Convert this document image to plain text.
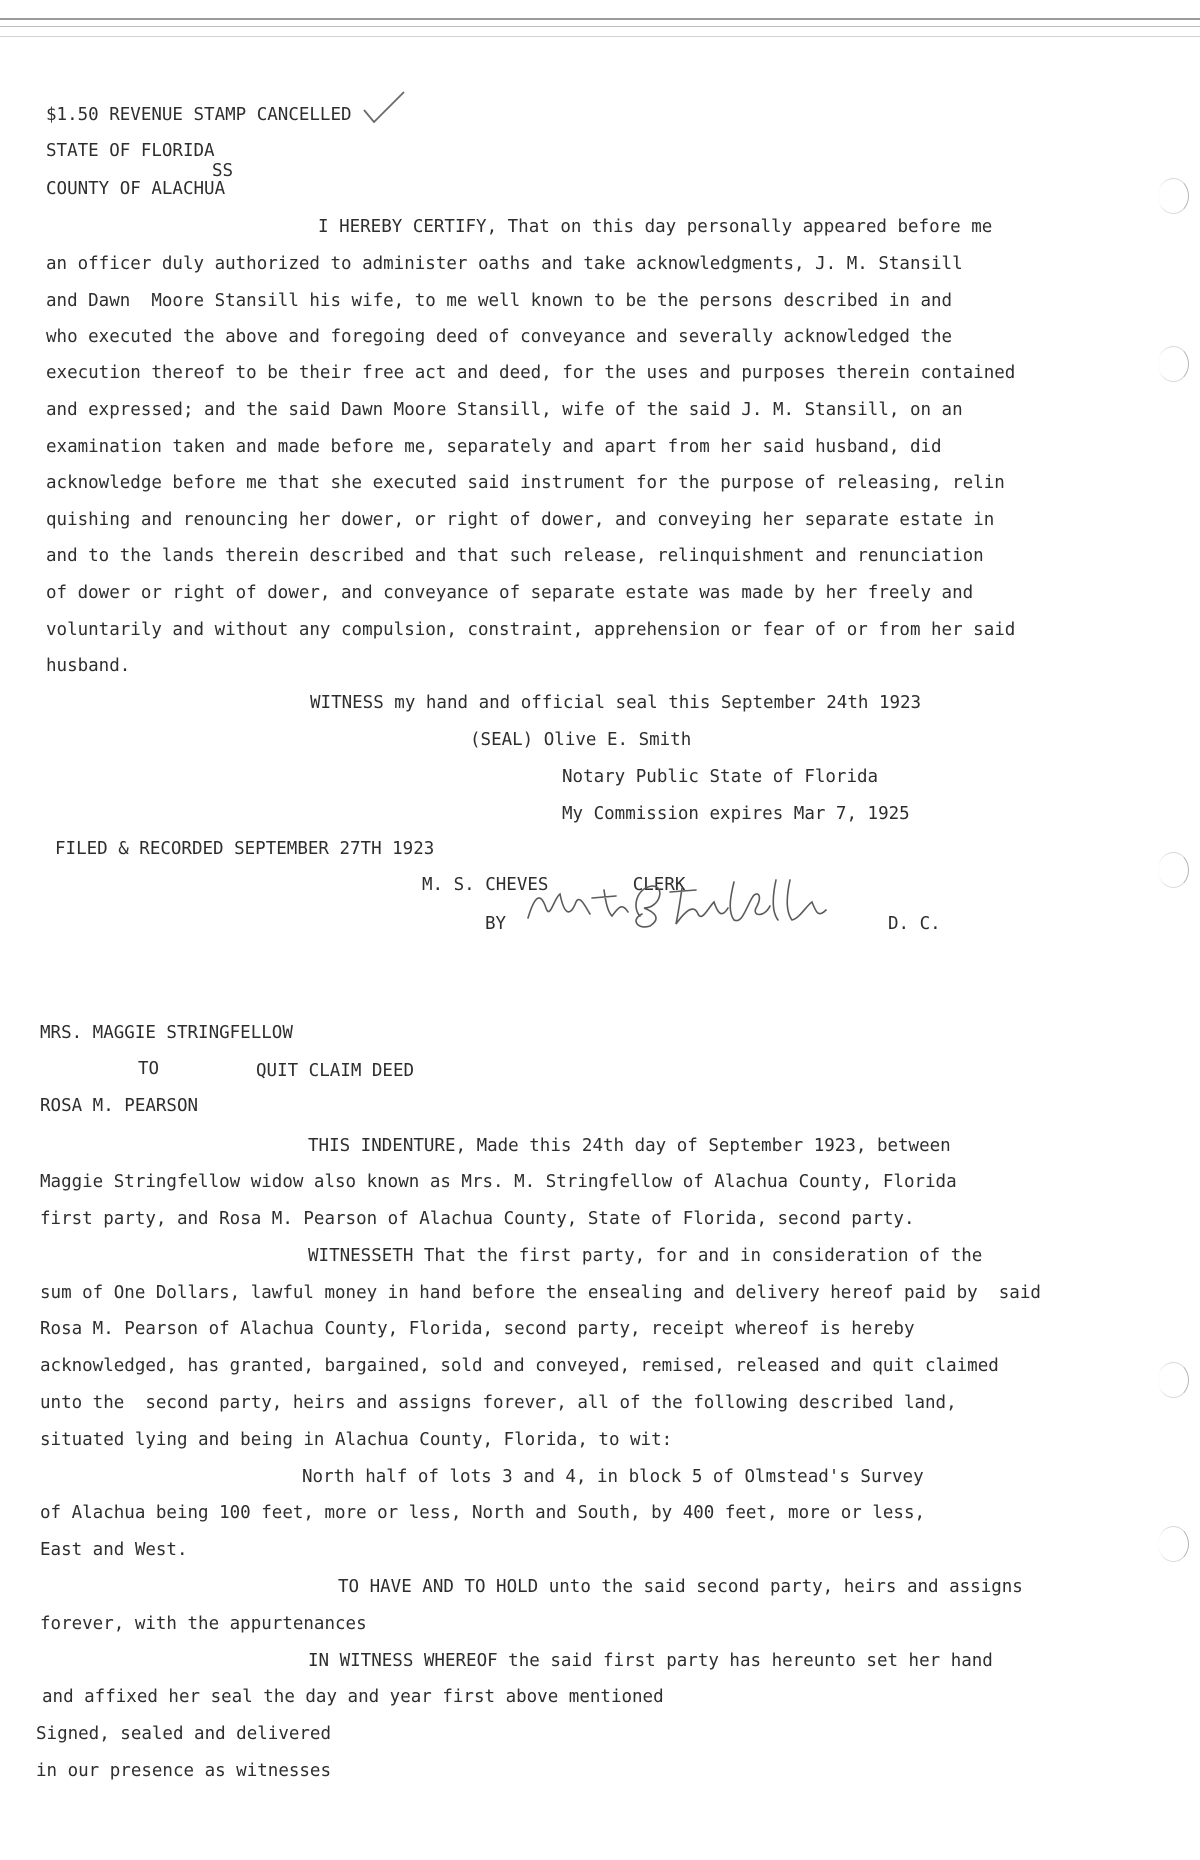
$1.50 REVENUE STAMP CANCELLED
STATE OF FLORIDA
SS
COUNTY OF ALACHUA
I HEREBY CERTIFY, That on this day personally appeared before me
an officer duly authorized to administer oaths and take acknowledgments, J. M. Stansill
and Dawn  Moore Stansill his wife, to me well known to be the persons described in and
who executed the above and foregoing deed of conveyance and severally acknowledged the
execution thereof to be their free act and deed, for the uses and purposes therein contained
and expressed; and the said Dawn Moore Stansill, wife of the said J. M. Stansill, on an
examination taken and made before me, separately and apart from her said husband, did
acknowledge before me that she executed said instrument for the purpose of releasing, relin
quishing and renouncing her dower, or right of dower, and conveying her separate estate in
and to the lands therein described and that such release, relinquishment and renunciation
of dower or right of dower, and conveyance of separate estate was made by her freely and
voluntarily and without any compulsion, constraint, apprehension or fear of or from her said
husband.
WITNESS my hand and official seal this September 24th 1923
(SEAL) Olive E. Smith
Notary Public State of Florida
My Commission expires Mar 7, 1925
FILED & RECORDED SEPTEMBER 27TH 1923
M. S. CHEVES        CLERK
BY	D. C.
MRS. MAGGIE STRINGFELLOW
TO	QUIT CLAIM DEED
ROSA M. PEARSON
THIS INDENTURE, Made this 24th day of September 1923, between
Maggie Stringfellow widow also known as Mrs. M. Stringfellow of Alachua County, Florida
first party, and Rosa M. Pearson of Alachua County, State of Florida, second party.
WITNESSETH That the first party, for and in consideration of the
sum of One Dollars, lawful money in hand before the ensealing and delivery hereof paid by  said
Rosa M. Pearson of Alachua County, Florida, second party, receipt whereof is hereby
acknowledged, has granted, bargained, sold and conveyed, remised, released and quit claimed
unto the  second party, heirs and assigns forever, all of the following described land,
situated lying and being in Alachua County, Florida, to wit:
North half of lots 3 and 4, in block 5 of Olmstead's Survey
of Alachua being 100 feet, more or less, North and South, by 400 feet, more or less,
East and West.
TO HAVE AND TO HOLD unto the said second party, heirs and assigns
forever, with the appurtenances
IN WITNESS WHEREOF the said first party has hereunto set her hand
and affixed her seal the day and year first above mentioned
Signed, sealed and delivered
in our presence as witnesses
